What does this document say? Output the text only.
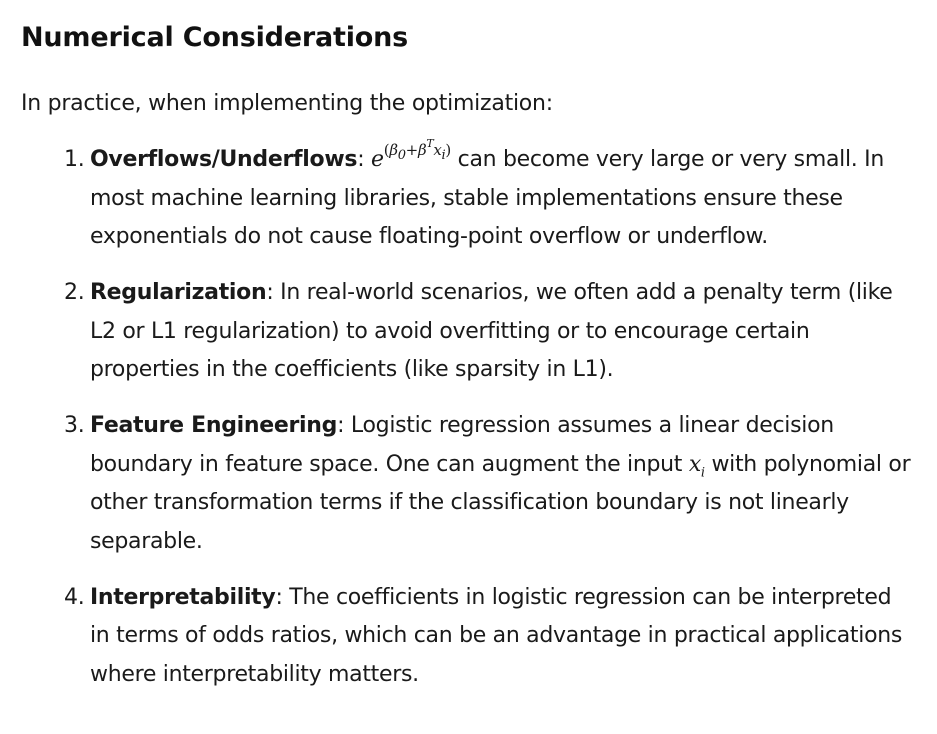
Numerical Considerations

In practice, when implementing the optimization:

1. Overflows/Underflows: $e^{(\beta_0+\beta^Tx_i)}$ can become very large or very small. In most machine learning libraries, stable implementations ensure these exponentials do not cause floating-point overflow or underflow.
2. Regularization: In real-world scenarios, we often add a penalty term (like L2 or L1 regularization) to avoid overfitting or to encourage certain properties in the coefficients (like sparsity in L1).
3. Feature Engineering: Logistic regression assumes a linear decision boundary in feature space. One can augment the input $x_i$ with polynomial or other transformation terms if the classification boundary is not linearly separable.
4. Interpretability: The coefficients in logistic regression can be interpreted in terms of odds ratios, which can be an advantage in practical applications where interpretability matters.
